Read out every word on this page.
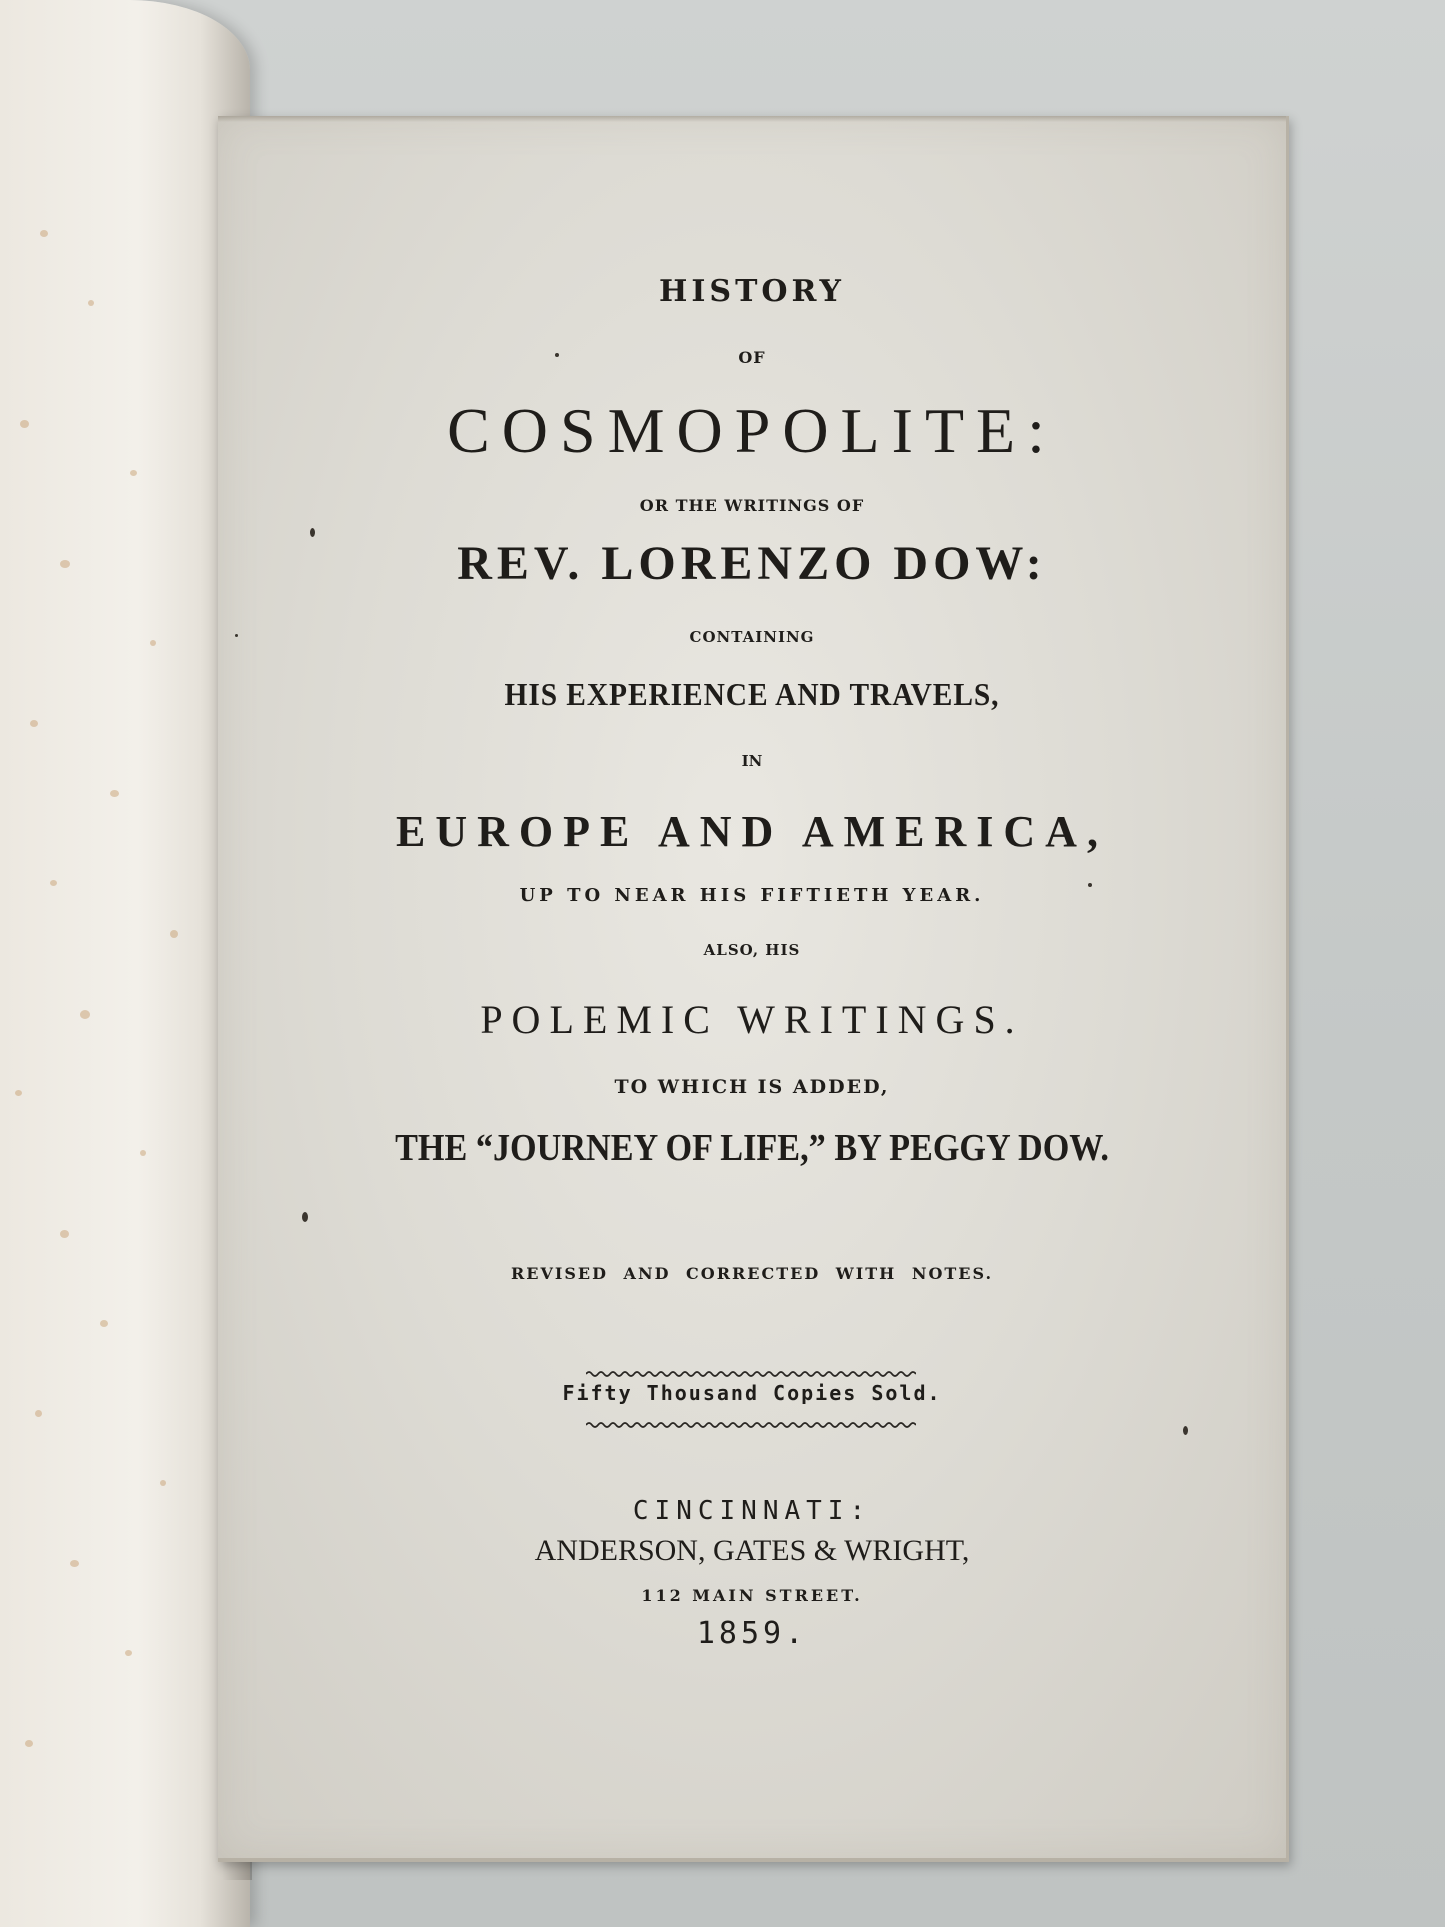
HISTORY
OF
COSMOPOLITE:
OR THE WRITINGS OF
REV. LORENZO DOW:
CONTAINING
HIS EXPERIENCE AND TRAVELS,
IN
EUROPE AND AMERICA,
UP TO NEAR HIS FIFTIETH YEAR.
ALSO, HIS
POLEMIC WRITINGS.
TO WHICH IS ADDED,
THE “JOURNEY OF LIFE,” BY PEGGY DOW.
REVISED AND CORRECTED WITH NOTES.
Fifty Thousand Copies Sold.
CINCINNATI:
ANDERSON, GATES & WRIGHT,
112 MAIN STREET.
1859.
